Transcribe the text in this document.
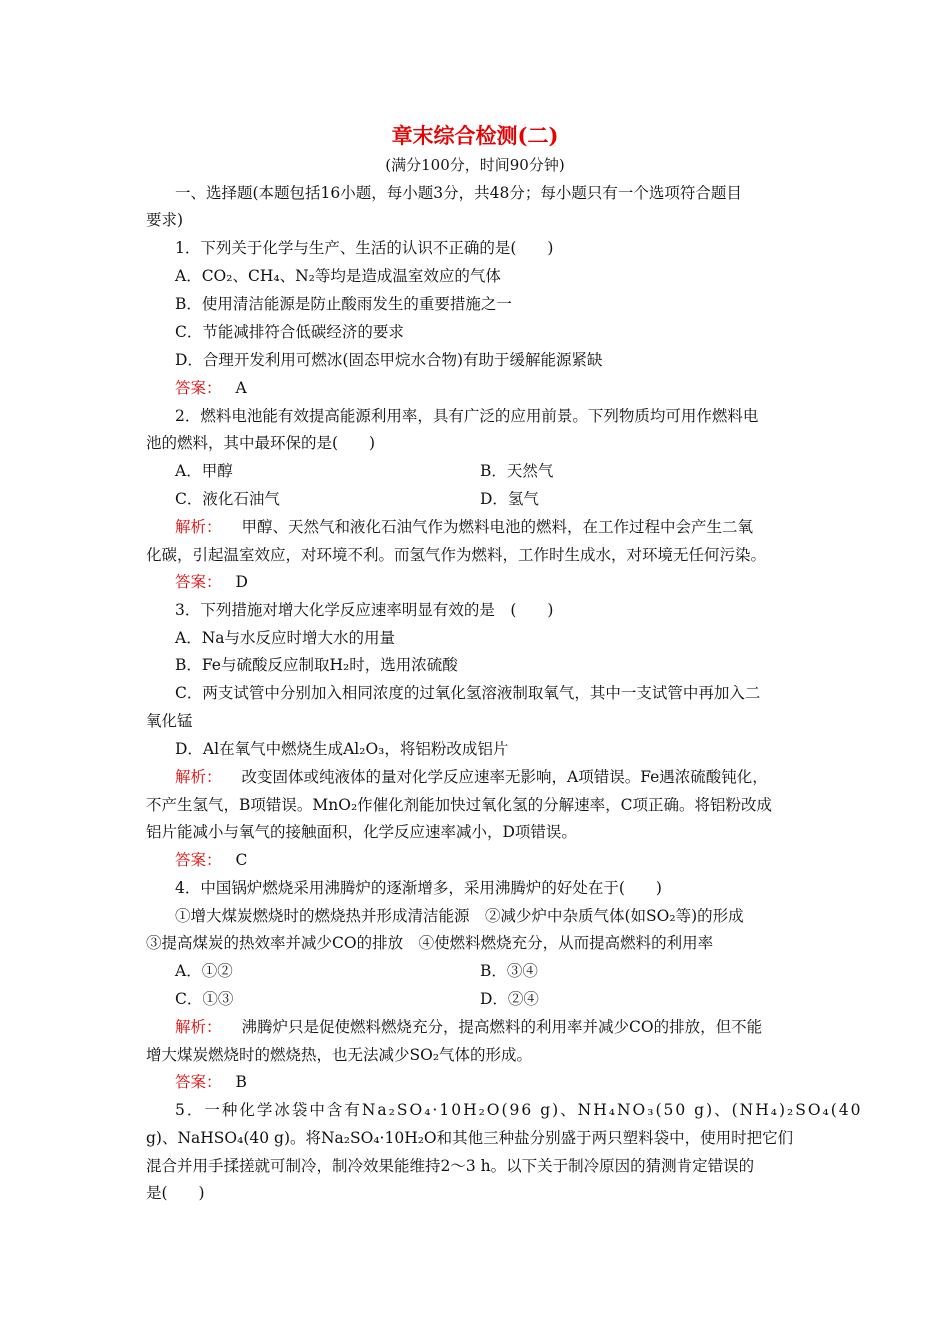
章末综合检测(二)
(满分100分，时间90分钟)
一、选择题(本题包括16小题，每小题3分，共48分；每小题只有一个选项符合题目
要求)
1．下列关于化学与生产、生活的认识不正确的是(　　)
A．CO₂、CH₄、N₂等均是造成温室效应的气体
B．使用清洁能源是防止酸雨发生的重要措施之一
C．节能减排符合低碳经济的要求
D．合理开发利用可燃冰(固态甲烷水合物)有助于缓解能源紧缺
答案： A
2．燃料电池能有效提高能源利用率，具有广泛的应用前景。下列物质均可用作燃料电
池的燃料，其中最环保的是(　　)
A．甲醇	B．天然气
C．液化石油气	D．氢气
解析： 甲醇、天然气和液化石油气作为燃料电池的燃料，在工作过程中会产生二氧
化碳，引起温室效应，对环境不利。而氢气作为燃料，工作时生成水，对环境无任何污染。
答案： D
3．下列措施对增大化学反应速率明显有效的是　(　　)
A．Na与水反应时增大水的用量
B．Fe与硫酸反应制取H₂时，选用浓硫酸
C．两支试管中分别加入相同浓度的过氧化氢溶液制取氧气，其中一支试管中再加入二
氧化锰
D．Al在氧气中燃烧生成Al₂O₃，将铝粉改成铝片
解析： 改变固体或纯液体的量对化学反应速率无影响，A项错误。Fe遇浓硫酸钝化，
不产生氢气，B项错误。MnO₂作催化剂能加快过氧化氢的分解速率，C项正确。将铝粉改成
铝片能减小与氧气的接触面积，化学反应速率减小，D项错误。
答案： C
4．中国锅炉燃烧采用沸腾炉的逐渐增多，采用沸腾炉的好处在于(　　)
①增大煤炭燃烧时的燃烧热并形成清洁能源　②减少炉中杂质气体(如SO₂等)的形成
③提高煤炭的热效率并减少CO的排放　④使燃料燃烧充分，从而提高燃料的利用率
A．①②	B．③④
C．①③	D．②④
解析： 沸腾炉只是促使燃料燃烧充分，提高燃料的利用率并减少CO的排放，但不能
增大煤炭燃烧时的燃烧热，也无法减少SO₂气体的形成。
答案： B
5．一种化学冰袋中含有Na₂SO₄·10H₂O(96 g)、NH₄NO₃(50 g)、(NH₄)₂SO₄(40
g)、NaHSO₄(40 g)。将Na₂SO₄·10H₂O和其他三种盐分别盛于两只塑料袋中，使用时把它们
混合并用手揉搓就可制冷，制冷效果能维持2～3 h。以下关于制冷原因的猜测肯定错误的
是(　　)
